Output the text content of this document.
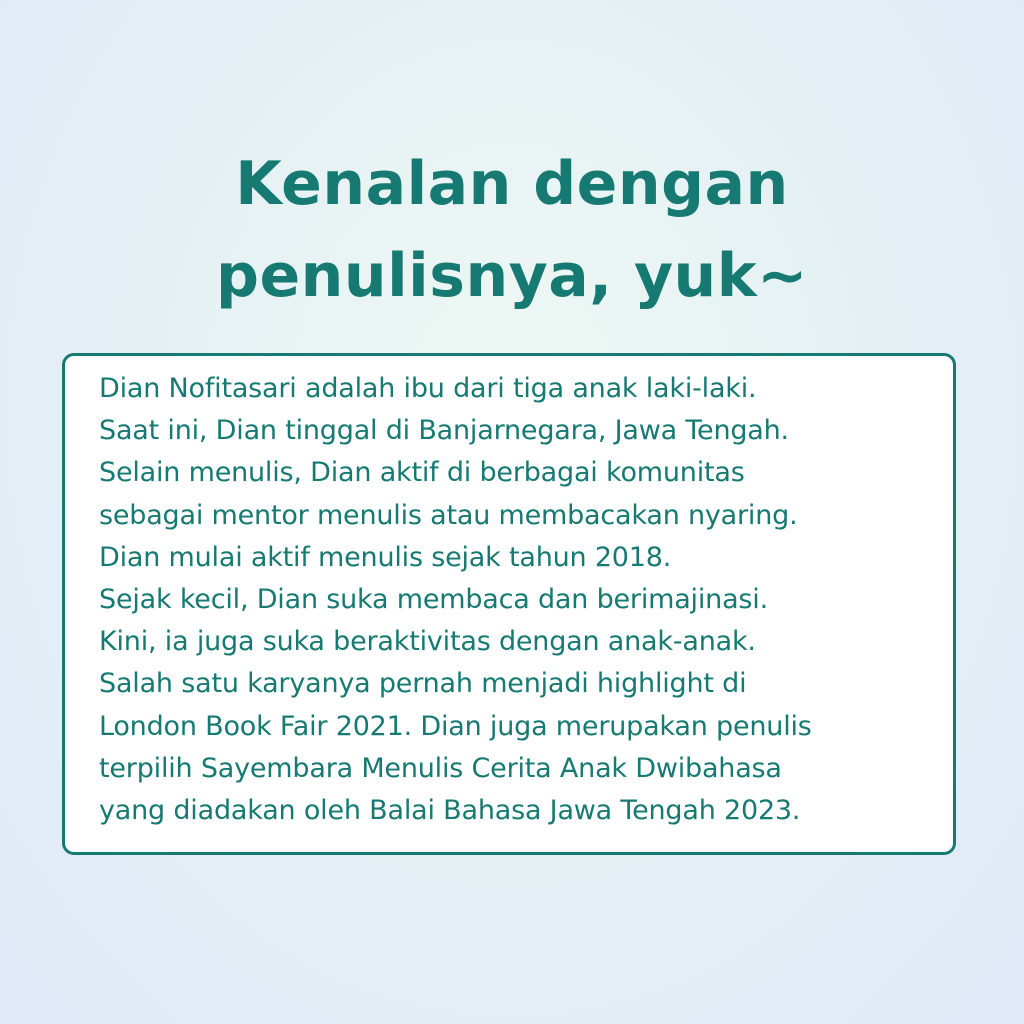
Kenalan dengan
penulisnya, yuk~
Dian Nofitasari adalah ibu dari tiga anak laki-laki.
Saat ini, Dian tinggal di Banjarnegara, Jawa Tengah.
Selain menulis, Dian aktif di berbagai komunitas
sebagai mentor menulis atau membacakan nyaring.
Dian mulai aktif menulis sejak tahun 2018.
Sejak kecil, Dian suka membaca dan berimajinasi.
Kini, ia juga suka beraktivitas dengan anak-anak.
Salah satu karyanya pernah menjadi highlight di
London Book Fair 2021. Dian juga merupakan penulis
terpilih Sayembara Menulis Cerita Anak Dwibahasa
yang diadakan oleh Balai Bahasa Jawa Tengah 2023.
